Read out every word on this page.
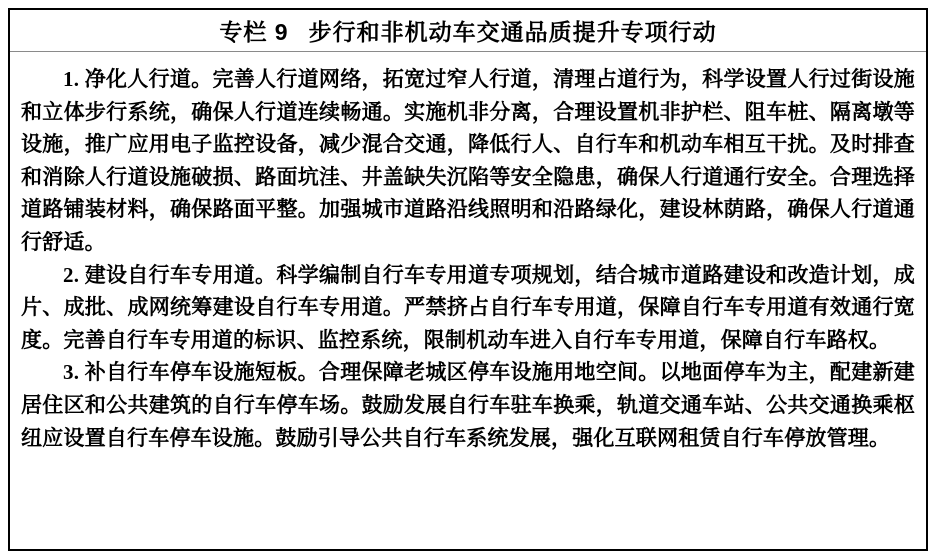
专栏 9 步行和非机动车交通品质提升专项行动

1. 净化人行道。完善人行道网络，拓宽过窄人行道，清理占道行为，科学设置人行过街设施和立体步行系统，确保人行道连续畅通。实施机非分离，合理设置机非护栏、阻车桩、隔离墩等设施，推广应用电子监控设备，减少混合交通，降低行人、自行车和机动车相互干扰。及时排查和消除人行道设施破损、路面坑洼、井盖缺失沉陷等安全隐患，确保人行道通行安全。合理选择道路铺装材料，确保路面平整。加强城市道路沿线照明和沿路绿化，建设林荫路，确保人行道通行舒适。

2. 建设自行车专用道。科学编制自行车专用道专项规划，结合城市道路建设和改造计划，成片、成批、成网统筹建设自行车专用道。严禁挤占自行车专用道，保障自行车专用道有效通行宽度。完善自行车专用道的标识、监控系统，限制机动车进入自行车专用道，保障自行车路权。

3. 补自行车停车设施短板。合理保障老城区停车设施用地空间。以地面停车为主，配建新建居住区和公共建筑的自行车停车场。鼓励发展自行车驻车换乘，轨道交通车站、公共交通换乘枢纽应设置自行车停车设施。鼓励引导公共自行车系统发展，强化互联网租赁自行车停放管理。
